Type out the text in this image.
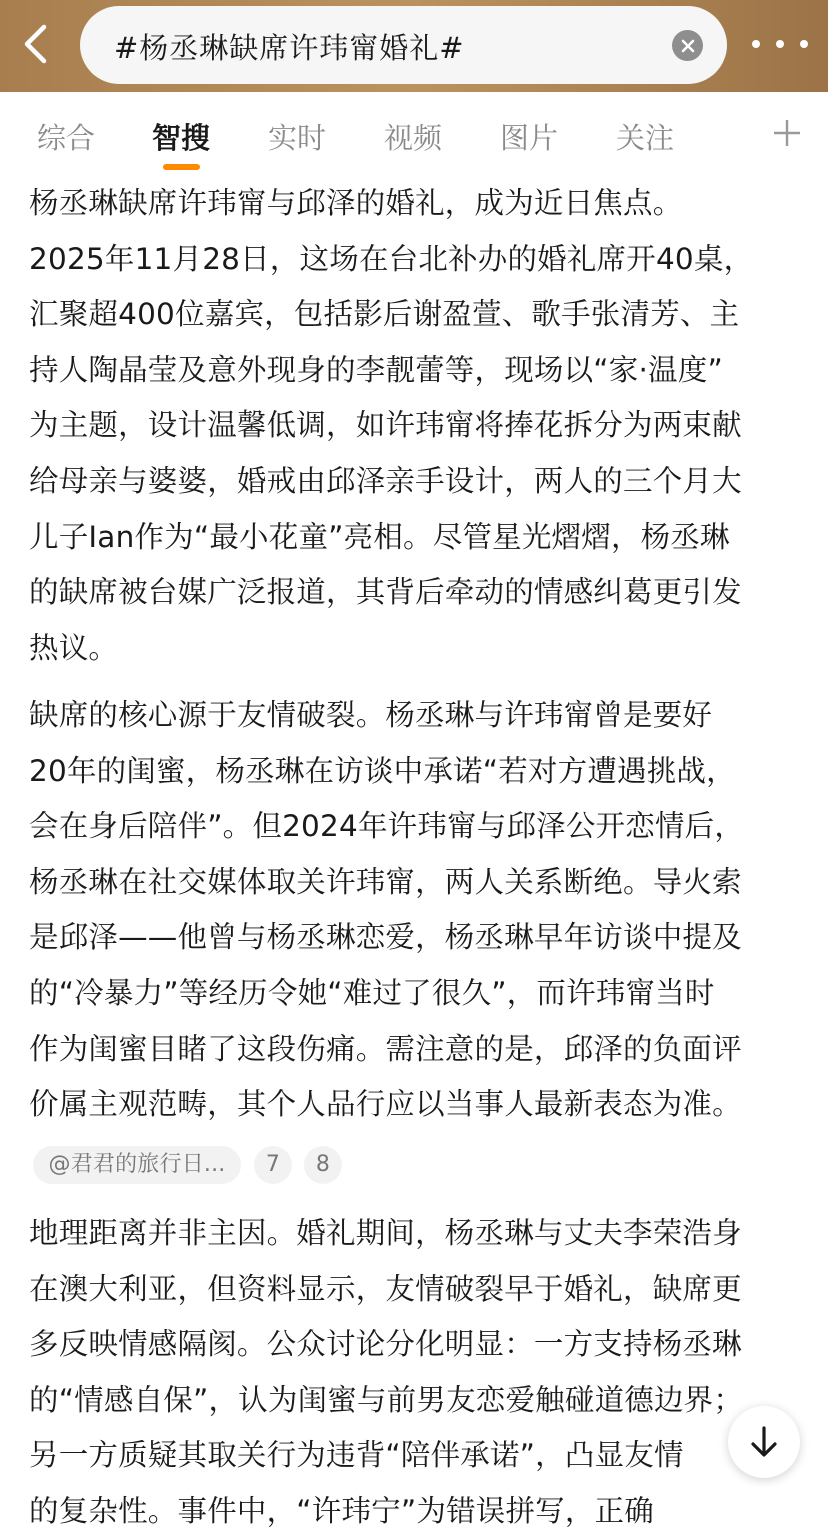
#杨丞琳缺席许玮甯婚礼#
综合 智搜 实时 视频 图片 关注
杨丞琳缺席许玮甯与邱泽的婚礼，成为近日焦点。
2025年11月28日，这场在台北补办的婚礼席开40桌，
汇聚超400位嘉宾，包括影后谢盈萱、歌手张清芳、主
持人陶晶莹及意外现身的李靓蕾等，现场以“家·温度”
为主题，设计温馨低调，如许玮甯将捧花拆分为两束献
给母亲与婆婆，婚戒由邱泽亲手设计，两人的三个月大
儿子Ian作为“最小花童”亮相。尽管星光熠熠，杨丞琳
的缺席被台媒广泛报道，其背后牵动的情感纠葛更引发
热议。
缺席的核心源于友情破裂。杨丞琳与许玮甯曾是要好
20年的闺蜜，杨丞琳在访谈中承诺“若对方遭遇挑战，
会在身后陪伴”。但2024年许玮甯与邱泽公开恋情后，
杨丞琳在社交媒体取关许玮甯，两人关系断绝。导火索
是邱泽——他曾与杨丞琳恋爱，杨丞琳早年访谈中提及
的“冷暴力”等经历令她“难过了很久”，而许玮甯当时
作为闺蜜目睹了这段伤痛。需注意的是，邱泽的负面评
价属主观范畴，其个人品行应以当事人最新表态为准。
@君君的旅行日...	7	8
地理距离并非主因。婚礼期间，杨丞琳与丈夫李荣浩身
在澳大利亚，但资料显示，友情破裂早于婚礼，缺席更
多反映情感隔阂。公众讨论分化明显：一方支持杨丞琳
的“情感自保”，认为闺蜜与前男友恋爱触碰道德边界；
另一方质疑其取关行为违背“陪伴承诺”，凸显友情
的复杂性。事件中，“许玮宁”为错误拼写，正确
